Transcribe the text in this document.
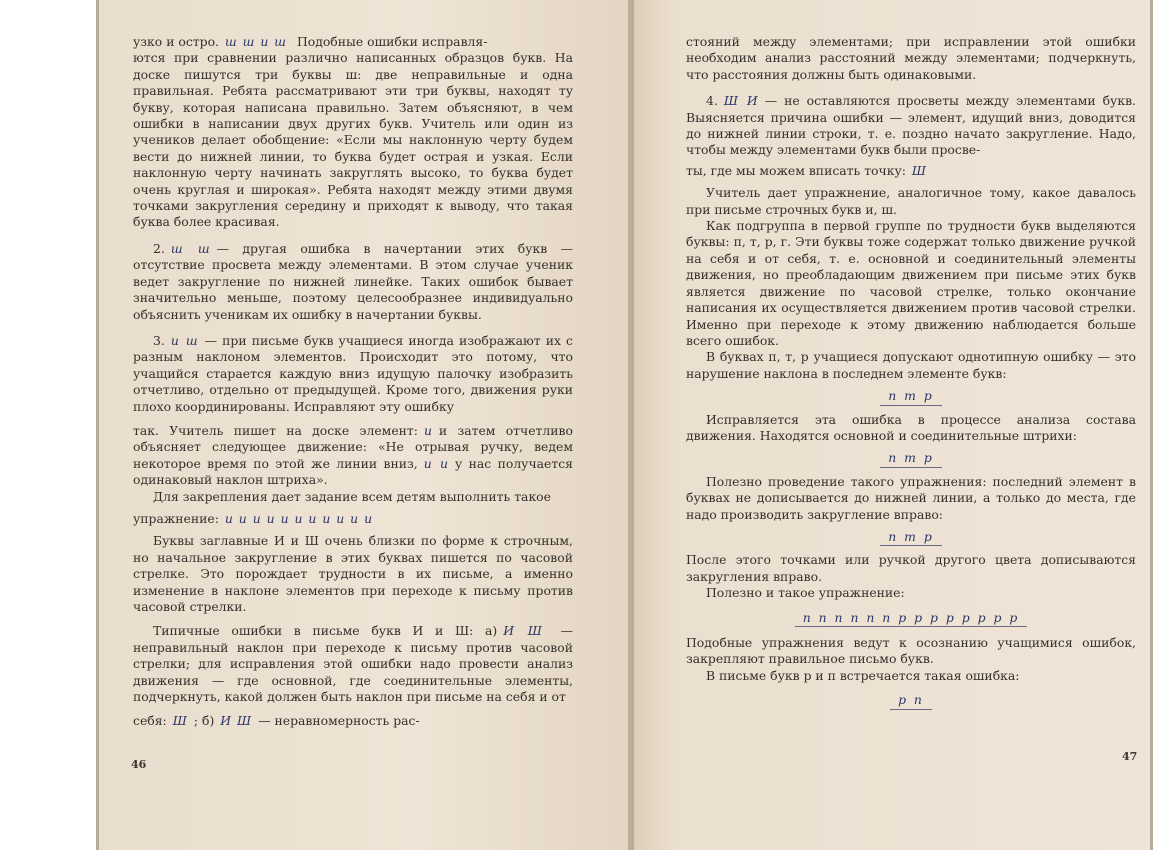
узко и остро. ш ш и ш Подобные ошибки исправля-

ются при сравнении различно написанных образцов букв. На доске пишутся три буквы ш: две неправильные и одна правильная. Ребята рассматривают эти три буквы, находят ту букву, которая написана правильно. Затем объясняют, в чем ошибки в написании двух других букв. Учитель или один из учеников делает обобщение: «Если мы наклонную черту будем вести до нижней линии, то буква будет острая и узкая. Если наклонную черту начинать закруглять высоко, то буква будет очень круглая и широкая». Ребята находят между этими двумя точками закругления середину и приходят к выводу, что такая буква более красивая.

2. ш ш — другая ошибка в начертании этих букв — отсутствие просвета между элементами. В этом случае ученик ведет закругление по нижней линейке. Таких ошибок бывает значительно меньше, поэтому целесообразнее индивидуально объяснить ученикам их ошибку в начертании буквы.

3. и ш — при письме букв учащиеся иногда изображают их с разным наклоном элементов. Происходит это потому, что учащийся старается каждую вниз идущую палочку изобразить отчетливо, отдельно от предыдущей. Кроме того, движения руки плохо координированы. Исправляют эту ошибку

так. Учитель пишет на доске элемент: и и затем отчетливо объясняет следующее движение: «Не отрывая ручку, ведем некоторое время по этой же линии вниз, и и у нас получается одинаковый наклон штриха».

Для закрепления дает задание всем детям выполнить такое

упражнение: и и и и и и и и и и и

Буквы заглавные И и Ш очень близки по форме к строчным, но начальное закругление в этих буквах пишется по часовой стрелке. Это порождает трудности в их письме, а именно изменение в наклоне элементов при переходе к письму против часовой стрелки.

Типичные ошибки в письме букв И и Ш: а) И Ш — неправильный наклон при переходе к письму против часовой стрелки; для исправления этой ошибки надо провести анализ движения — где основной, где соединительные элементы, подчеркнуть, какой должен быть наклон при письме на себя и от

себя: Ш ; б) И Ш — неравномерность рас-

46

стояний между элементами; при исправлении этой ошибки необходим анализ расстояний между элементами; подчеркнуть, что расстояния должны быть одинаковыми.

4. Ш И — не оставляются просветы между элементами букв. Выясняется причина ошибки — элемент, идущий вниз, доводится до нижней линии строки, т. е. поздно начато закругление. Надо, чтобы между элементами букв были просве-

ты, где мы можем вписать точку: Ш

Учитель дает упражнение, аналогичное тому, какое давалось при письме строчных букв и, ш.

Как подгруппа в первой группе по трудности букв выделяются буквы: п, т, р, г. Эти буквы тоже содержат только движение ручкой на себя и от себя, т. е. основной и соединительный элементы движения, но преобладающим движением при письме этих букв является движение по часовой стрелке, только окончание написания их осуществляется движением против часовой стрелки. Именно при переходе к этому движению наблюдается больше всего ошибок.

В буквах п, т, р учащиеся допускают однотипную ошибку — это нарушение наклона в последнем элементе букв:

п т р

Исправляется эта ошибка в процессе анализа состава движения. Находятся основной и соединительные штрихи:

п т р

Полезно проведение такого упражнения: последний элемент в буквах не дописывается до нижней линии, а только до места, где надо производить закругление вправо:

п т р

После этого точками или ручкой другого цвета дописываются закругления вправо.

Полезно и такое упражнение:

п п п п п п р р р р р р р р

Подобные упражнения ведут к осознанию учащимися ошибок, закрепляют правильное письмо букв.

В письме букв р и п встречается такая ошибка:

р п
47
